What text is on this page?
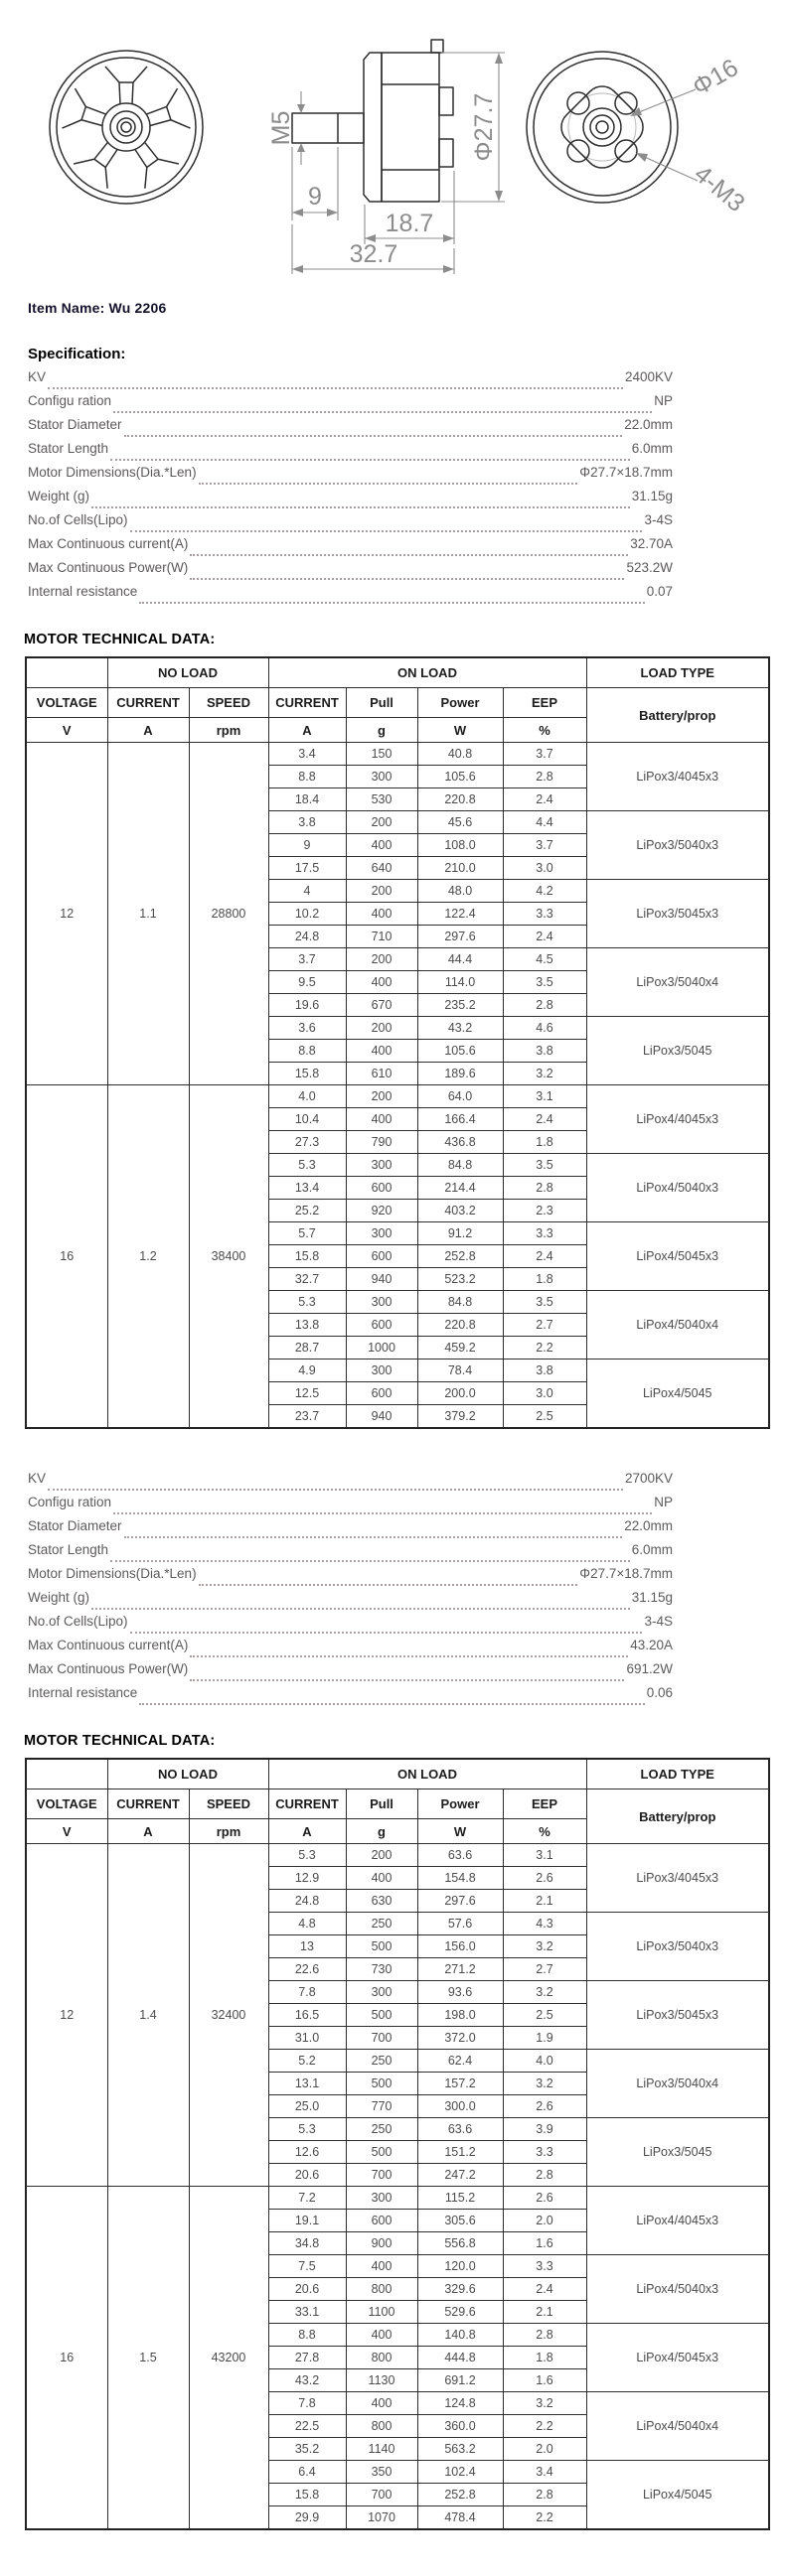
M5
9
Φ27.7
18.7
32.7
Φ16
4-M3
Item Name: Wu 2206
Specification:
KV	2400KV
Configu ration	NP
Stator Diameter	22.0mm
Stator Length	6.0mm
Motor Dimensions(Dia.*Len)	Φ27.7×18.7mm
Weight (g)	31.15g
No.of Cells(Lipo)	3-4S
Max Continuous current(A)	32.70A
Max Continuous Power(W)	523.2W
Internal resistance	0.07
MOTOR TECHNICAL DATA:
	NO LOAD		ON LOAD				LOAD TYPE
VOLTAGE	CURRENT	SPEED	CURRENT	Pull	Power	EEP	Battery/prop
V	A	rpm	A	g	W	%	
12	1.1	28800	3.4	150	40.8	3.7	LiPox3/4045x3
			8.8	300	105.6	2.8	
			18.4	530	220.8	2.4	
			3.8	200	45.6	4.4	LiPox3/5040x3
			9	400	108.0	3.7	
			17.5	640	210.0	3.0	
			4	200	48.0	4.2	LiPox3/5045x3
			10.2	400	122.4	3.3	
			24.8	710	297.6	2.4	
			3.7	200	44.4	4.5	LiPox3/5040x4
			9.5	400	114.0	3.5	
			19.6	670	235.2	2.8	
			3.6	200	43.2	4.6	LiPox3/5045
			8.8	400	105.6	3.8	
			15.8	610	189.6	3.2	
16	1.2	38400	4.0	200	64.0	3.1	LiPox4/4045x3
			10.4	400	166.4	2.4	
			27.3	790	436.8	1.8	
			5.3	300	84.8	3.5	LiPox4/5040x3
			13.4	600	214.4	2.8	
			25.2	920	403.2	2.3	
			5.7	300	91.2	3.3	LiPox4/5045x3
			15.8	600	252.8	2.4	
			32.7	940	523.2	1.8	
			5.3	300	84.8	3.5	LiPox4/5040x4
			13.8	600	220.8	2.7	
			28.7	1000	459.2	2.2	
			4.9	300	78.4	3.8	LiPox4/5045
			12.5	600	200.0	3.0	
			23.7	940	379.2	2.5	
KV	2700KV
Configu ration	NP
Stator Diameter	22.0mm
Stator Length	6.0mm
Motor Dimensions(Dia.*Len)	Φ27.7×18.7mm
Weight (g)	31.15g
No.of Cells(Lipo)	3-4S
Max Continuous current(A)	43.20A
Max Continuous Power(W)	691.2W
Internal resistance	0.06
MOTOR TECHNICAL DATA:
	NO LOAD		ON LOAD				LOAD TYPE
VOLTAGE	CURRENT	SPEED	CURRENT	Pull	Power	EEP	Battery/prop
V	A	rpm	A	g	W	%	
12	1.4	32400	5.3	200	63.6	3.1	LiPox3/4045x3
			12.9	400	154.8	2.6	
			24.8	630	297.6	2.1	
			4.8	250	57.6	4.3	LiPox3/5040x3
			13	500	156.0	3.2	
			22.6	730	271.2	2.7	
			7.8	300	93.6	3.2	LiPox3/5045x3
			16.5	500	198.0	2.5	
			31.0	700	372.0	1.9	
			5.2	250	62.4	4.0	LiPox3/5040x4
			13.1	500	157.2	3.2	
			25.0	770	300.0	2.6	
			5.3	250	63.6	3.9	LiPox3/5045
			12.6	500	151.2	3.3	
			20.6	700	247.2	2.8	
16	1.5	43200	7.2	300	115.2	2.6	LiPox4/4045x3
			19.1	600	305.6	2.0	
			34.8	900	556.8	1.6	
			7.5	400	120.0	3.3	LiPox4/5040x3
			20.6	800	329.6	2.4	
			33.1	1100	529.6	2.1	
			8.8	400	140.8	2.8	LiPox4/5045x3
			27.8	800	444.8	1.8	
			43.2	1130	691.2	1.6	
			7.8	400	124.8	3.2	LiPox4/5040x4
			22.5	800	360.0	2.2	
			35.2	1140	563.2	2.0	
			6.4	350	102.4	3.4	LiPox4/5045
			15.8	700	252.8	2.8	
			29.9	1070	478.4	2.2	
